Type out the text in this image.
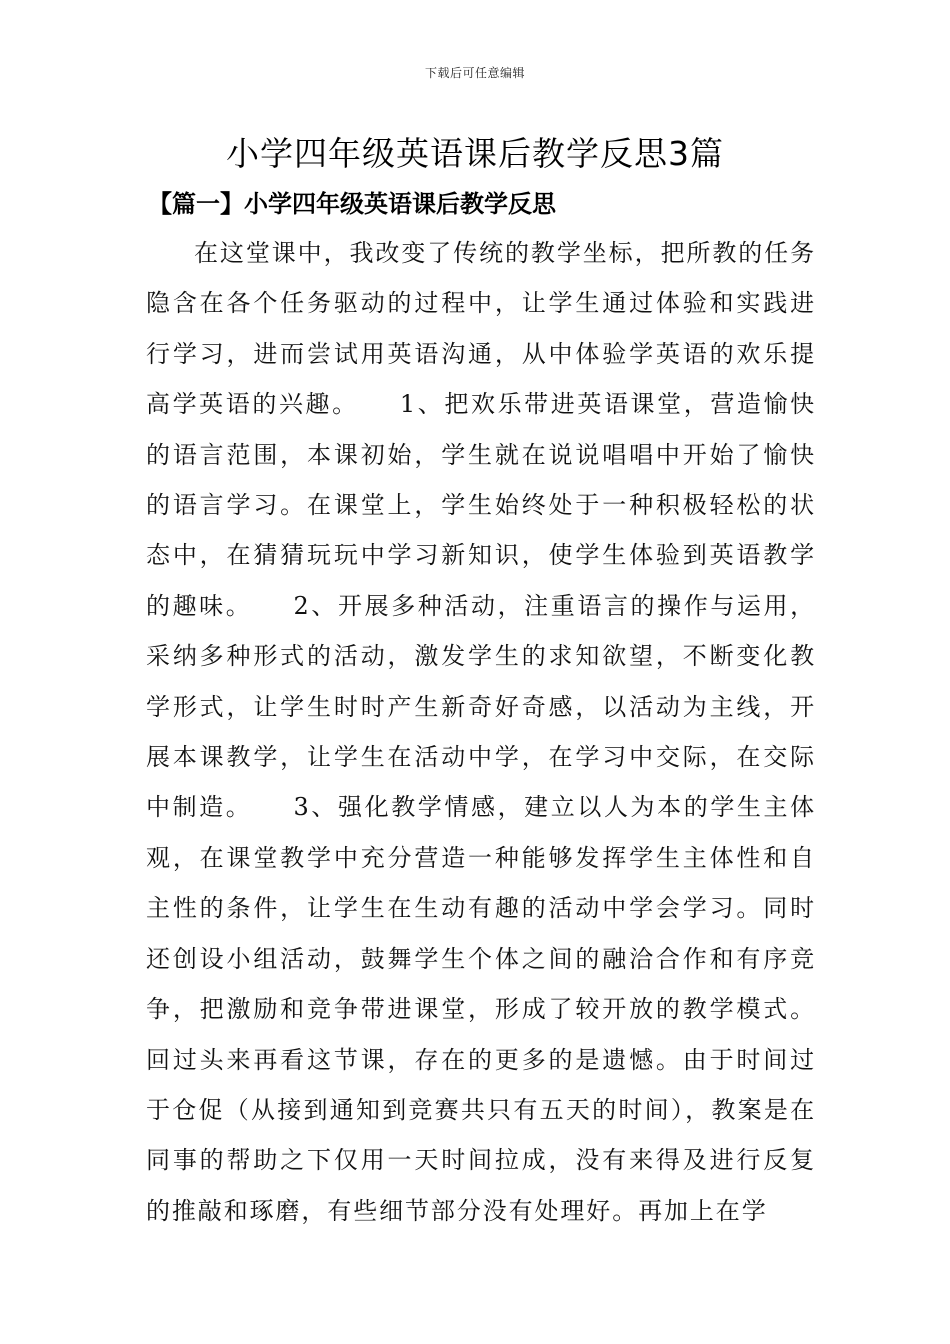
下载后可任意编辑
小学四年级英语课后教学反思3篇
【篇一】小学四年级英语课后教学反思

在这堂课中，我改变了传统的教学坐标，把所教的任务隐含在各个任务驱动的过程中，让学生通过体验和实践进行学习，进而尝试用英语沟通，从中体验学英语的欢乐提高学英语的兴趣。　　1、把欢乐带进英语课堂，营造愉快的语言范围，本课初始，学生就在说说唱唱中开始了愉快的语言学习。在课堂上，学生始终处于一种积极轻松的状态中，在猜猜玩玩中学习新知识，使学生体验到英语教学的趣味。　　2、开展多种活动，注重语言的操作与运用，采纳多种形式的活动，激发学生的求知欲望，不断变化教学形式，让学生时时产生新奇好奇感，以活动为主线，开展本课教学，让学生在活动中学，在学习中交际，在交际中制造。　　3、强化教学情感，建立以人为本的学生主体观，在课堂教学中充分营造一种能够发挥学生主体性和自主性的条件，让学生在生动有趣的活动中学会学习。同时还创设小组活动，鼓舞学生个体之间的融洽合作和有序竞争，把激励和竞争带进课堂，形成了较开放的教学模式。回过头来再看这节课，存在的更多的是遗憾。由于时间过于仓促（从接到通知到竞赛共只有五天的时间），教案是在同事的帮助之下仅用一天时间拉成，没有来得及进行反复的推敲和琢磨，有些细节部分没有处理好。再加上在学
